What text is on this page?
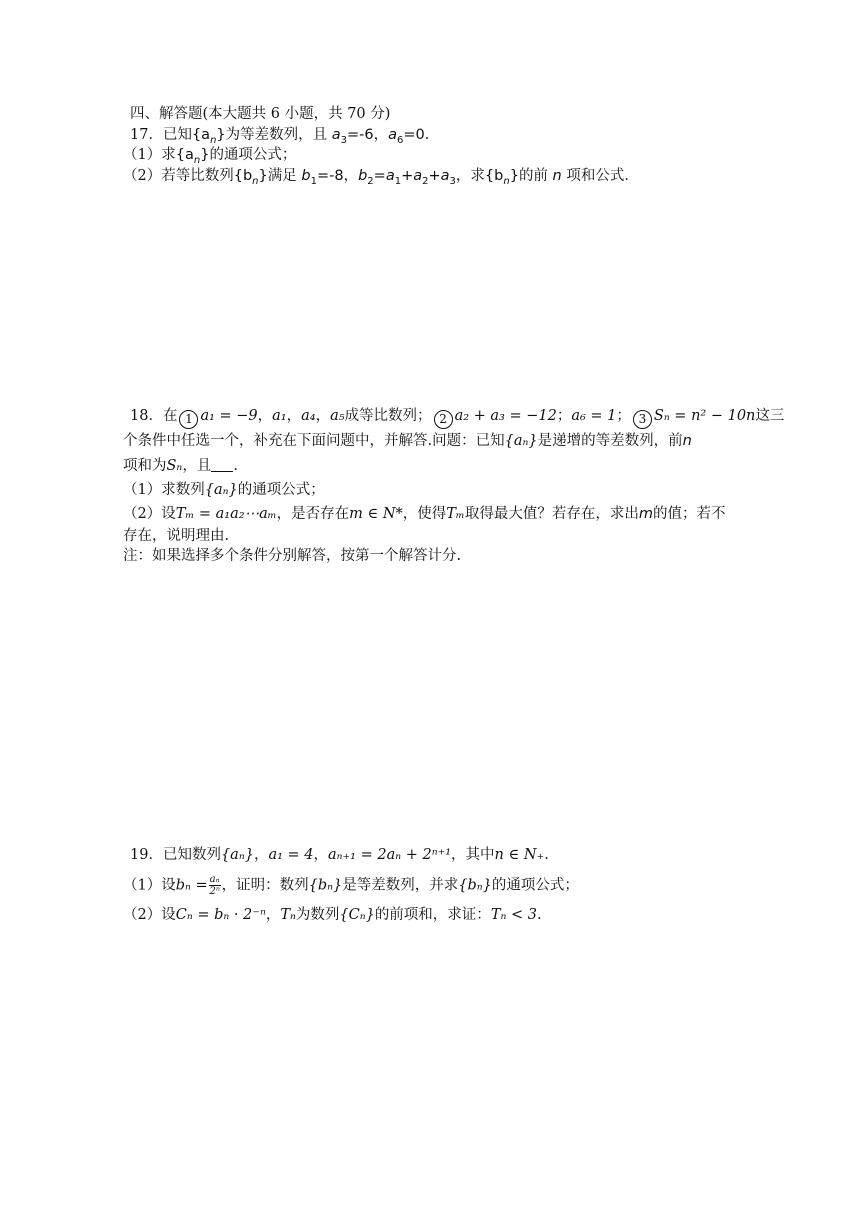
四、解答题(本大题共 6 小题，共 70 分)
17．已知$\{a_n\}$为等差数列，且 $a_3=-6$，$a_6=0$．
（1）求$\{a_n\}$的通项公式；
（2）若等比数列$\{b_n\}$满足 $b_1=-8$，$b_2=a_1+a_2+a_3$，求$\{b_n\}$的前 n 项和公式．
18．在 1 a₁ = −9，a₁，a₄，a₅成等比数列； 2 a₂ + a₃ = −12；a₆ = 1； 3 Sₙ = n² − 10n这三
个条件中任选一个，补充在下面问题中，并解答.问题：已知{aₙ}是递增的等差数列，前n
项和为Sₙ，且 .
（1）求数列{aₙ}的通项公式；
（2）设Tₘ = a₁a₂⋯aₘ，是否存在m ∈ N*，使得Tₘ取得最大值？若存在，求出m的值；若不
存在，说明理由.
注：如果选择多个条件分别解答，按第一个解答计分.
19．已知数列{aₙ}，a₁ = 4，aₙ₊₁ = 2aₙ + 2ⁿ⁺¹，其中n ∈ N₊.
（1）设$b_n = \frac{\text{aₙ}}{\text{2ⁿ}}$ ，证明：数列{bₙ}是等差数列，并求{bₙ}的通项公式；
（2）设Cₙ = bₙ · 2⁻ⁿ，Tₙ为数列{Cₙ}的前项和，求证：Tₙ < 3.
